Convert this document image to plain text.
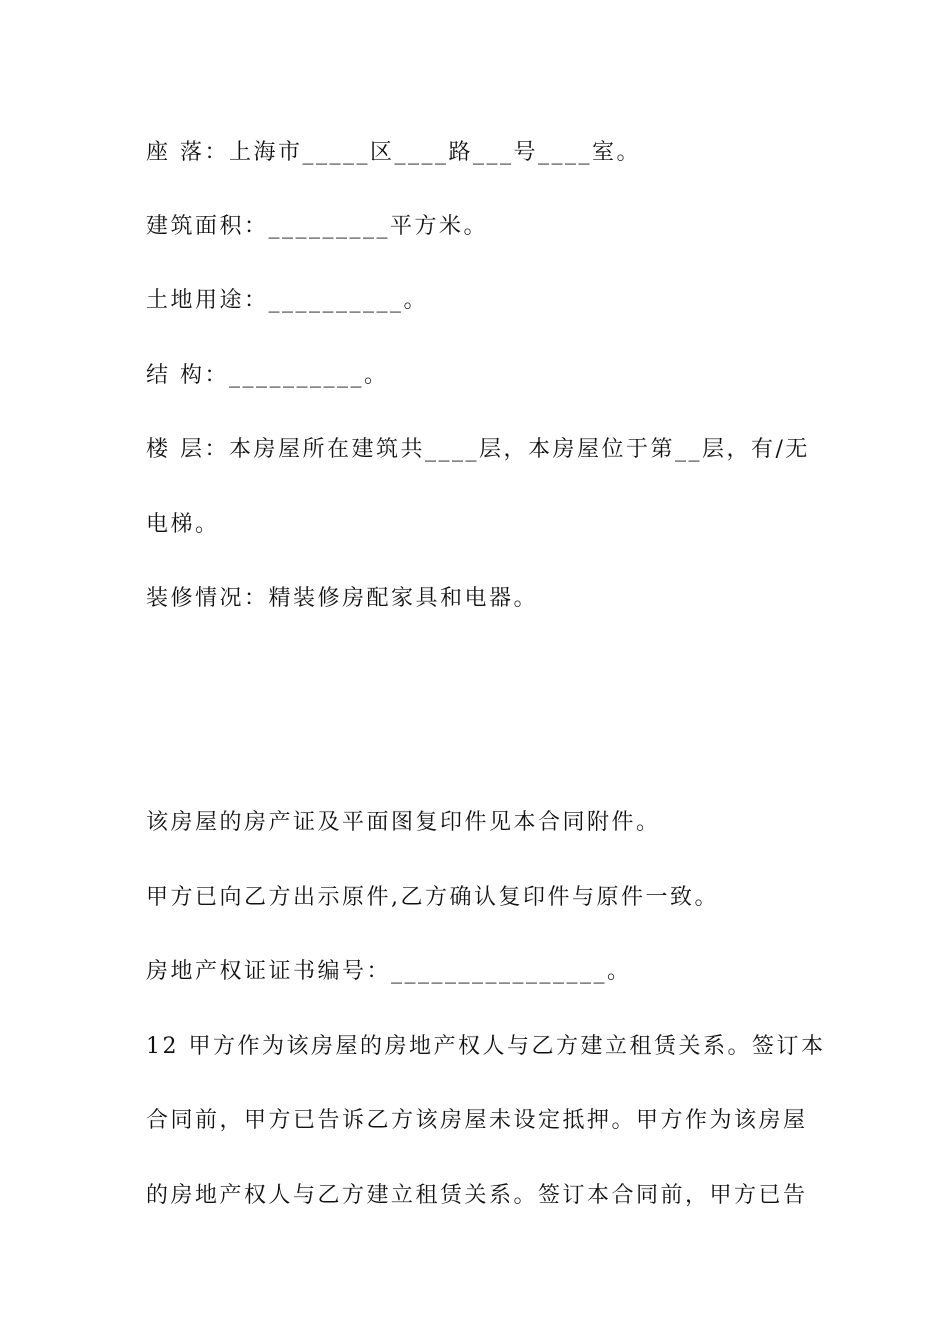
座 落：上海市_____区____路___号____室。
建筑面积：_________平方米。
土地用途：__________。
结 构：__________。
楼 层：本房屋所在建筑共____层，本房屋位于第__层，有/无
电梯。
装修情况：精装修房配家具和电器。
该房屋的房产证及平面图复印件见本合同附件。
甲方已向乙方出示原件,乙方确认复印件与原件一致。
房地产权证证书编号：________________。
12 甲方作为该房屋的房地产权人与乙方建立租赁关系。签订本
合同前，甲方已告诉乙方该房屋未设定抵押。甲方作为该房屋
的房地产权人与乙方建立租赁关系。签订本合同前，甲方已告
